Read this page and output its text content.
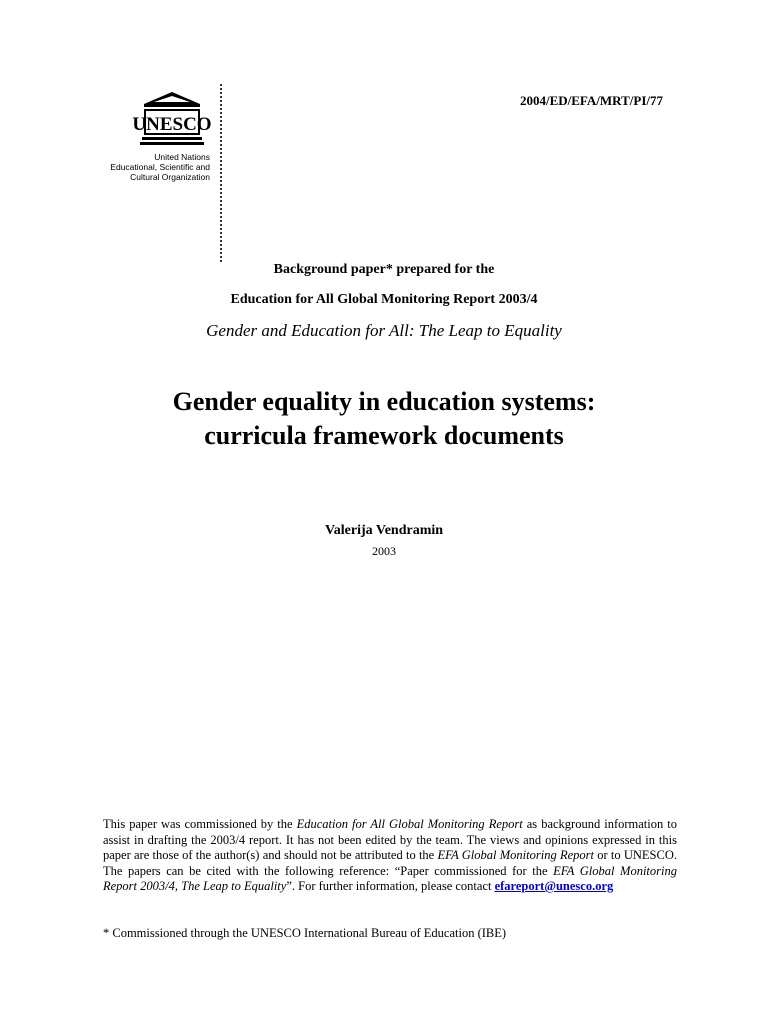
UNESCO
United Nations
Educational, Scientific and
Cultural Organization
2004/ED/EFA/MRT/PI/77
Background paper* prepared for the
Education for All Global Monitoring Report 2003/4
Gender and Education for All: The Leap to Equality
Gender equality in education systems:
curricula framework documents
Valerija Vendramin
2003
This paper was commissioned by the Education for All Global Monitoring Report as background information to assist in drafting the 2003/4 report. It has not been edited by the team. The views and opinions expressed in this paper are those of the author(s) and should not be attributed to the EFA Global Monitoring Report or to UNESCO. The papers can be cited with the following reference: “Paper commissioned for the EFA Global Monitoring Report 2003/4, The Leap to Equality”. For further information, please contact efareport@unesco.org
* Commissioned through the UNESCO International Bureau of Education (IBE)
